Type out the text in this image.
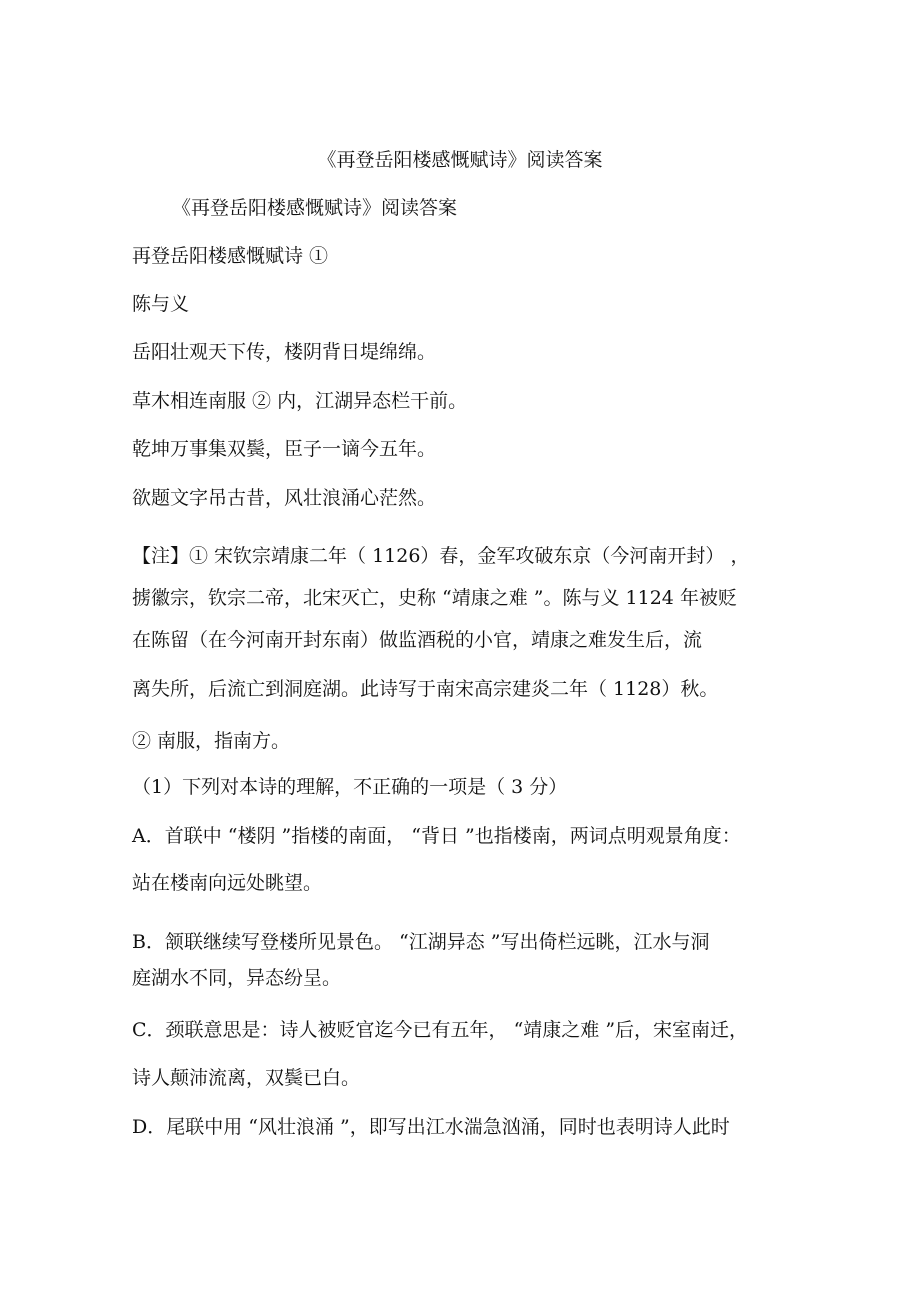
《再登岳阳楼感慨赋诗》阅读答案

《再登岳阳楼感慨赋诗》阅读答案

再登岳阳楼感慨赋诗 ①

陈与义

岳阳壮观天下传，楼阴背日堤绵绵。

草木相连南服 ② 内，江湖异态栏干前。

乾坤万事集双鬓，臣子一谪今五年。

欲题文字吊古昔，风壮浪涌心茫然。

【注】① 宋钦宗靖康二年（ 1126）春，金军攻破东京（今河南开封） ，

掳徽宗，钦宗二帝，北宋灭亡，史称 “靖康之难 ”。陈与义 1124 年被贬

在陈留（在今河南开封东南）做监酒税的小官，靖康之难发生后，流

离失所，后流亡到洞庭湖。此诗写于南宋高宗建炎二年（ 1128）秋。

② 南服，指南方。

（1）下列对本诗的理解，不正确的一项是（ 3 分）

A．首联中 “楼阴 ”指楼的南面， “背日 ”也指楼南，两词点明观景角度：

站在楼南向远处眺望。

B．颔联继续写登楼所见景色。 “江湖异态 ”写出倚栏远眺，江水与洞

庭湖水不同，异态纷呈。

C．颈联意思是：诗人被贬官迄今已有五年， “靖康之难 ”后，宋室南迁，

诗人颠沛流离，双鬓已白。

D．尾联中用 “风壮浪涌 ”，即写出江水湍急汹涌，同时也表明诗人此时
